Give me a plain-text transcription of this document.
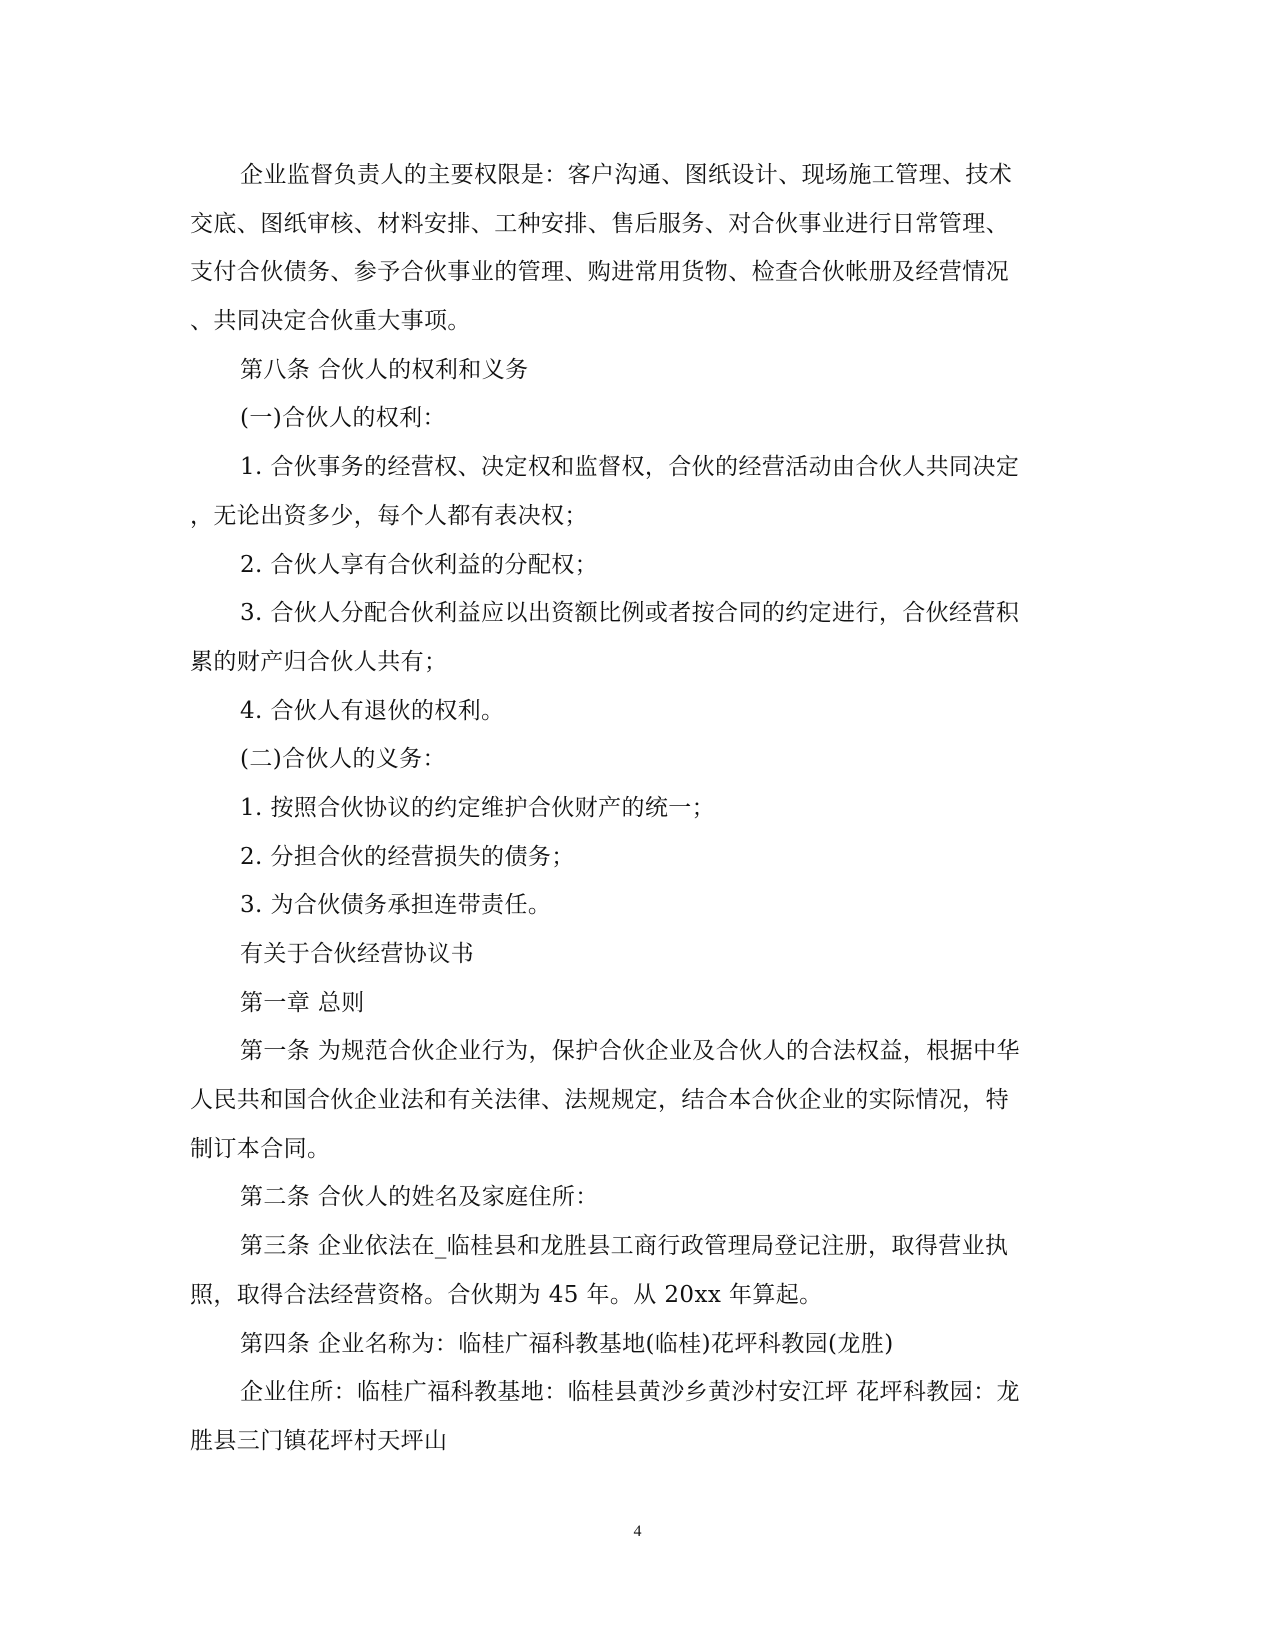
企业监督负责人的主要权限是：客户沟通、图纸设计、现场施工管理、技术
交底、图纸审核、材料安排、工种安排、售后服务、对合伙事业进行日常管理、
支付合伙债务、参予合伙事业的管理、购进常用货物、检查合伙帐册及经营情况
、共同决定合伙重大事项。
第八条 合伙人的权利和义务
(一)合伙人的权利：
1. 合伙事务的经营权、决定权和监督权，合伙的经营活动由合伙人共同决定
，无论出资多少，每个人都有表决权；
2. 合伙人享有合伙利益的分配权；
3. 合伙人分配合伙利益应以出资额比例或者按合同的约定进行，合伙经营积
累的财产归合伙人共有；
4. 合伙人有退伙的权利。
(二)合伙人的义务：
1. 按照合伙协议的约定维护合伙财产的统一；
2. 分担合伙的经营损失的债务；
3. 为合伙债务承担连带责任。
有关于合伙经营协议书
第一章 总则
第一条 为规范合伙企业行为，保护合伙企业及合伙人的合法权益，根据中华
人民共和国合伙企业法和有关法律、法规规定，结合本合伙企业的实际情况，特
制订本合同。
第二条 合伙人的姓名及家庭住所：
第三条 企业依法在_临桂县和龙胜县工商行政管理局登记注册，取得营业执
照，取得合法经营资格。合伙期为 45 年。从 20xx 年算起。
第四条 企业名称为：临桂广福科教基地(临桂)花坪科教园(龙胜)
企业住所：临桂广福科教基地：临桂县黄沙乡黄沙村安江坪 花坪科教园：龙
胜县三门镇花坪村天坪山
4
